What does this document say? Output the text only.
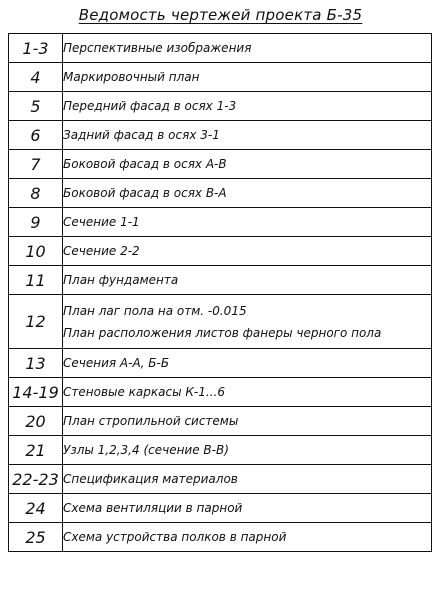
Ведомость чертежей проекта Б-35
1-3	Перспективные изображения

4	Маркировочный план

5	Передний фасад в осях 1-3

6	Задний фасад в осях 3-1

7	Боковой фасад в осях А-В

8	Боковой фасад в осях В-А

9	Сечение 1-1

10	Сечение 2-2

11	План фундамента

12	План лаг пола на отм. -0.015
План расположения листов фанеры черного пола

13	Сечения А-А, Б-Б

14-19	Стеновые каркасы К-1...6

20	План стропильной системы

21	Узлы 1,2,3,4 (сечение В-В)

22-23	Спецификация материалов

24	Схема вентиляции в парной

25	Схема устройства полков в парной
